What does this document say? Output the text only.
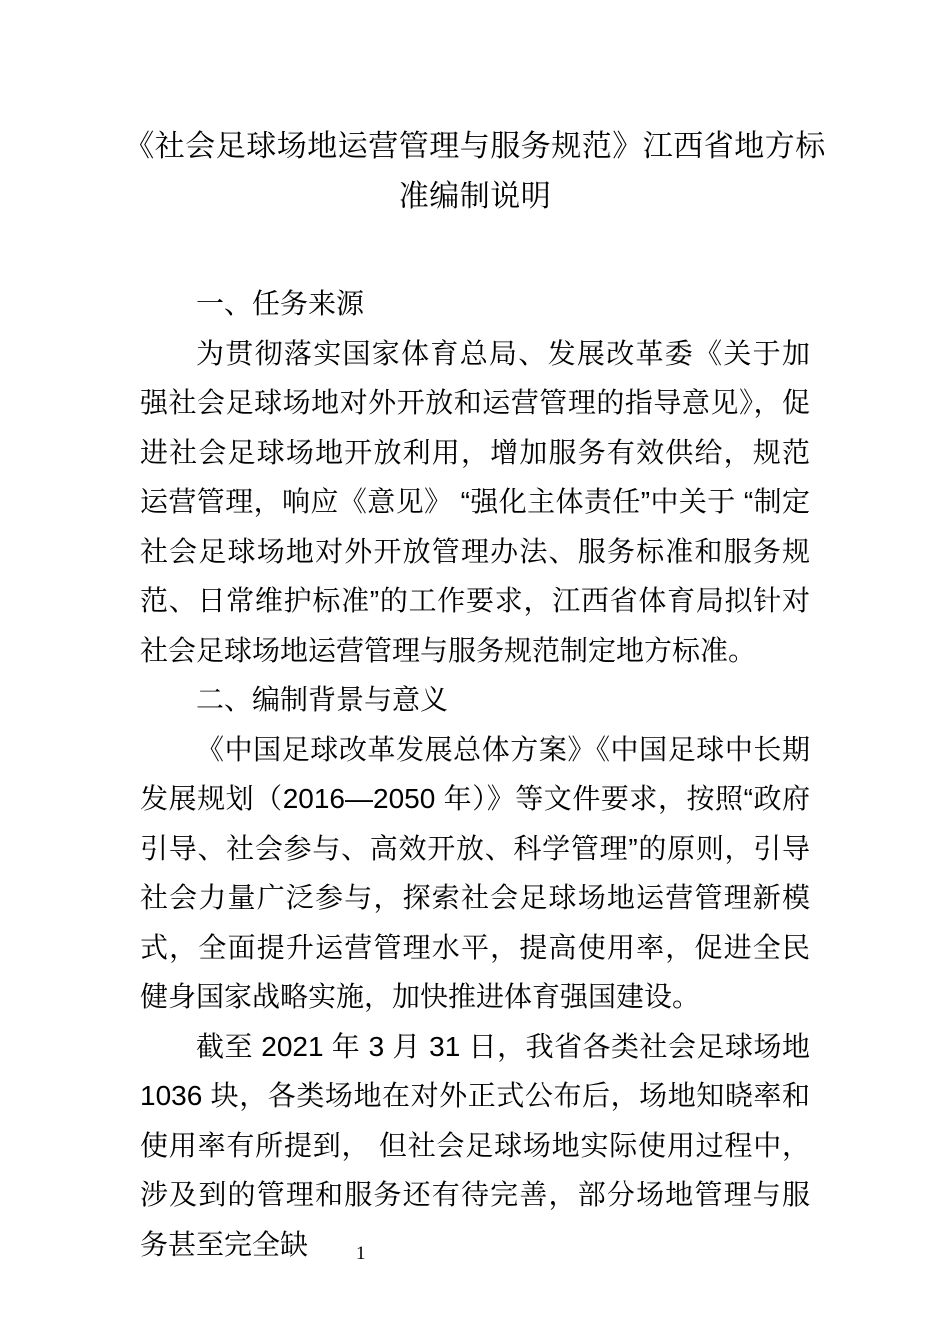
《社会足球场地运营管理与服务规范》江西省地方标
准编制说明

一、任务来源

为贯彻落实国家体育总局、发展改革委《关于加强社会足球场地对外开放和运营管理的指导意见》，促进社会足球场地开放利用，增加服务有效供给，规范运营管理，响应《意见》 “强化主体责任”中关于 “制定社会足球场地对外开放管理办法、服务标准和服务规范、日常维护标准”的工作要求，江西省体育局拟针对社会足球场地运营管理与服务规范制定地方标准。

二、编制背景与意义

《中国足球改革发展总体方案》《中国足球中长期发展规划（2016—2050 年）》等文件要求，按照“政府引导、社会参与、高效开放、科学管理”的原则，引导社会力量广泛参与，探索社会足球场地运营管理新模式，全面提升运营管理水平，提高使用率，促进全民健身国家战略实施，加快推进体育强国建设。

截至 2021 年 3 月 31 日，我省各类社会足球场地 1036 块，各类场地在对外正式公布后，场地知晓率和使用率有所提到， 但社会足球场地实际使用过程中，涉及到的管理和服务还有待完善，部分场地管理与服务甚至完全缺	1
